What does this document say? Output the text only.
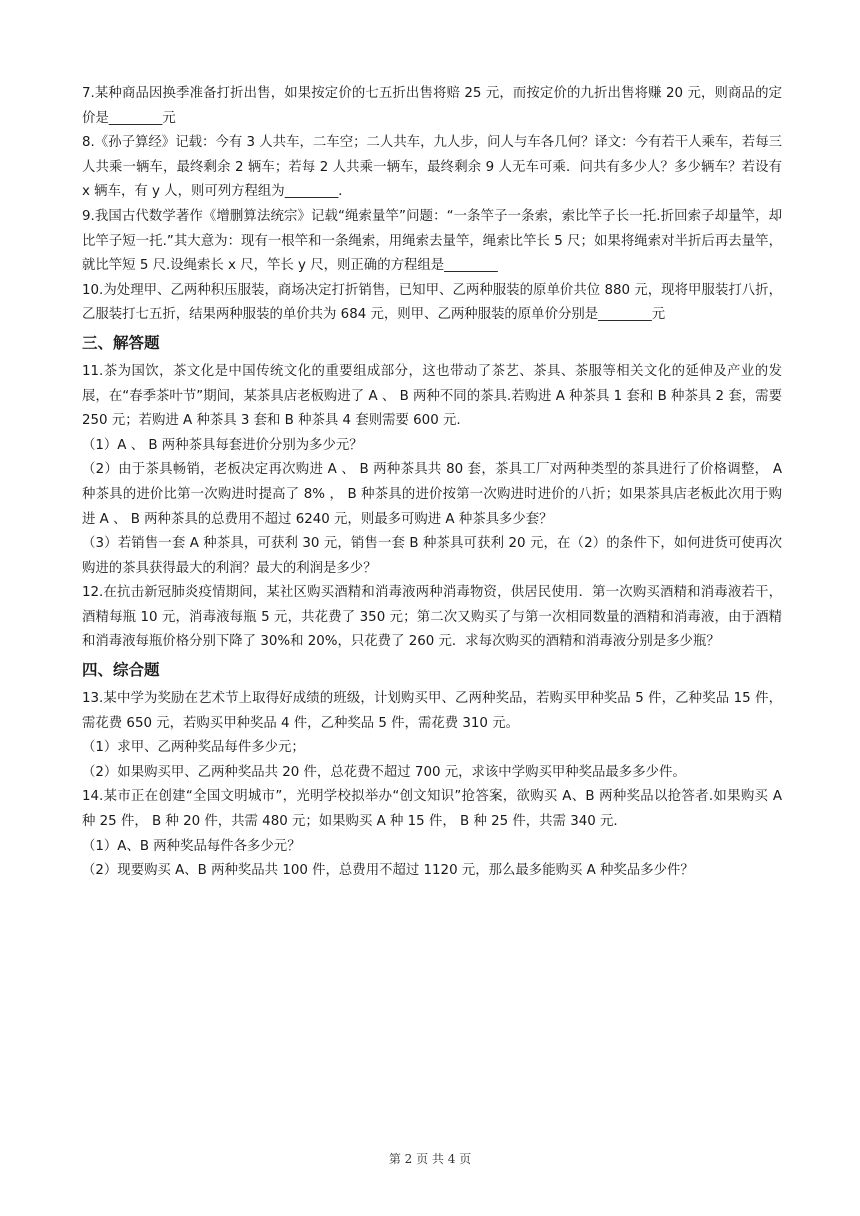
7.某种商品因换季准备打折出售，如果按定价的七五折出售将赔 25 元，而按定价的九折出售将赚 20 元，则商品的定价是________元

8.《孙子算经》记载：今有 3 人共车，二车空；二人共车，九人步，问人与车各几何？译文：今有若干人乘车，若每三人共乘一辆车，最终剩余 2 辆车；若每 2 人共乘一辆车，最终剩余 9 人无车可乘．问共有多少人？多少辆车？若设有 x 辆车，有 y 人，则可列方程组为________．

9.我国古代数学著作《增删算法统宗》记载“绳索量竿”问题：“一条竿子一条索，索比竿子长一托.折回索子却量竿，却比竿子短一托.”其大意为：现有一根竿和一条绳索，用绳索去量竿，绳索比竿长 5 尺；如果将绳索对半折后再去量竿，就比竿短 5 尺.设绳索长 x 尺，竿长 y 尺，则正确的方程组是________

10.为处理甲、乙两种积压服装，商场决定打折销售，已知甲、乙两种服装的原单价共位 880 元，现将甲服装打八折，乙服装打七五折，结果两种服装的单价共为 684 元，则甲、乙两种服装的原单价分别是________元

三、解答题

11.茶为国饮，茶文化是中国传统文化的重要组成部分，这也带动了茶艺、茶具、茶服等相关文化的延伸及产业的发展，在“春季茶叶节”期间，某茶具店老板购进了 A 、 B 两种不同的茶具.若购进 A 种茶具 1 套和 B 种茶具 2 套，需要 250 元；若购进 A 种茶具 3 套和 B 种茶具 4 套则需要 600 元.

（1）A 、 B 两种茶具每套进价分别为多少元？

（2）由于茶具畅销，老板决定再次购进 A 、 B 两种茶具共 80 套，茶具工厂对两种类型的茶具进行了价格调整， A 种茶具的进价比第一次购进时提高了 8% ， B 种茶具的进价按第一次购进时进价的八折；如果茶具店老板此次用于购进 A 、 B 两种茶具的总费用不超过 6240 元，则最多可购进 A 种茶具多少套？

（3）若销售一套 A 种茶具，可获利 30 元，销售一套 B 种茶具可获利 20 元，在（2）的条件下，如何进货可使再次购进的茶具获得最大的利润？最大的利润是多少？

12.在抗击新冠肺炎疫情期间，某社区购买酒精和消毒液两种消毒物资，供居民使用．第一次购买酒精和消毒液若干，酒精每瓶 10 元，消毒液每瓶 5 元，共花费了 350 元；第二次又购买了与第一次相同数量的酒精和消毒液，由于酒精和消毒液每瓶价格分别下降了 30%和 20%，只花费了 260 元．求每次购买的酒精和消毒液分别是多少瓶？

四、综合题

13.某中学为奖励在艺术节上取得好成绩的班级，计划购买甲、乙两种奖品，若购买甲种奖品 5 件，乙种奖品 15 件，需花费 650 元，若购买甲种奖品 4 件，乙种奖品 5 件，需花费 310 元。

（1）求甲、乙两种奖品每件多少元；

（2）如果购买甲、乙两种奖品共 20 件，总花费不超过 700 元，求该中学购买甲种奖品最多多少件。

14.某市正在创建“全国文明城市”，光明学校拟举办“创文知识”抢答案，欲购买 A、B 两种奖品以抢答者.如果购买 A 种 25 件， B 种 20 件，共需 480 元；如果购买 A 种 15 件， B 种 25 件，共需 340 元.

（1）A、B 两种奖品每件各多少元？

（2）现要购买 A、B 两种奖品共 100 件，总费用不超过 1120 元，那么最多能购买 A 种奖品多少件？

第 2 页 共 4 页
